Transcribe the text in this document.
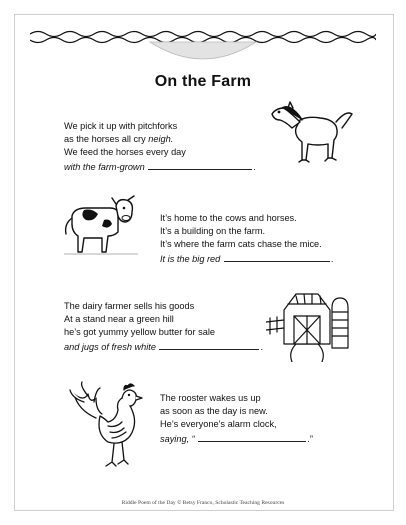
On the Farm
We pick it up with pitchforks
as the horses all cry neigh.
We feed the horses every day
with the farm-grown	.
It’s home to the cows and horses.
It’s a building on the farm.
It’s where the farm cats chase the mice.
It is the big red	.
The dairy farmer sells his goods
At a stand near a green hill
he’s got yummy yellow butter for sale
and jugs of fresh white	.
The rooster wakes us up
as soon as the day is new.
He’s everyone’s alarm clock,
saying, “	.”
Riddle Poem of the Day © Betsy Franco, Scholastic Teaching Resources
